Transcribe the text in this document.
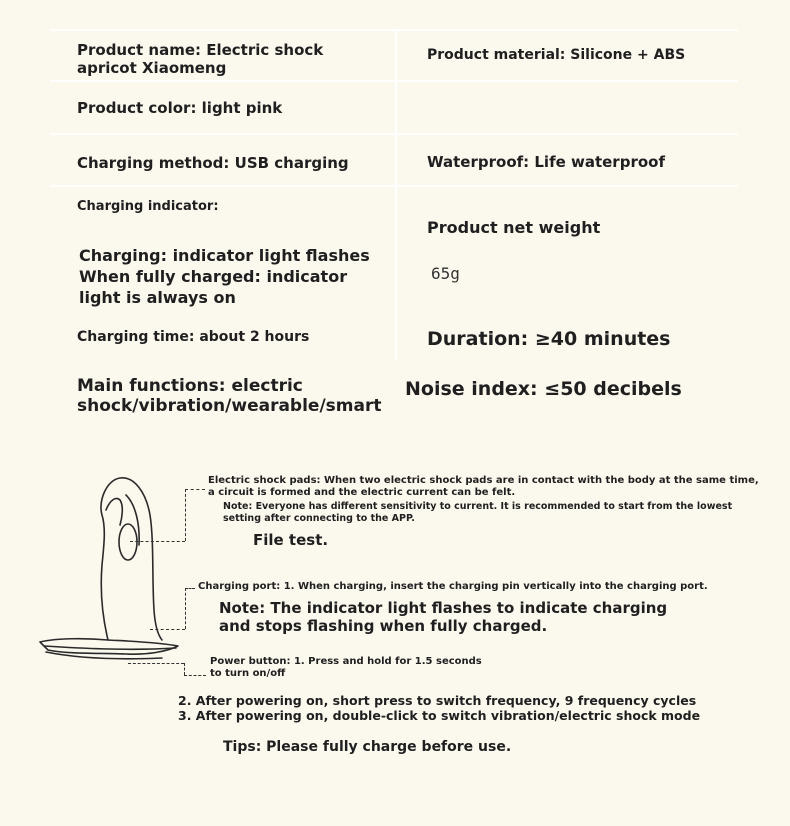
Product name: Electric shock
apricot Xiaomeng
Product material: Silicone + ABS
Product color: light pink
Charging method: USB charging	Waterproof: Life waterproof
Charging indicator:
Charging: indicator light flashes
When fully charged: indicator
light is always on
Product net weight
65g
Charging time: about 2 hours	Duration: ≥40 minutes
Main functions: electric
shock/vibration/wearable/smart
Noise index: ≤50 decibels
Electric shock pads: When two electric shock pads are in contact with the body at the same time, a circuit is formed and the electric current can be felt.
Note: Everyone has different sensitivity to current. It is recommended to start from the lowest setting after connecting to the APP.
File test.
Charging port: 1. When charging, insert the charging pin vertically into the charging port.
Note: The indicator light flashes to indicate charging and stops flashing when fully charged.
Power button: 1. Press and hold for 1.5 seconds to turn on/off
2. After powering on, short press to switch frequency, 9 frequency cycles 3. After powering on, double-click to switch vibration/electric shock mode
Tips: Please fully charge before use.
